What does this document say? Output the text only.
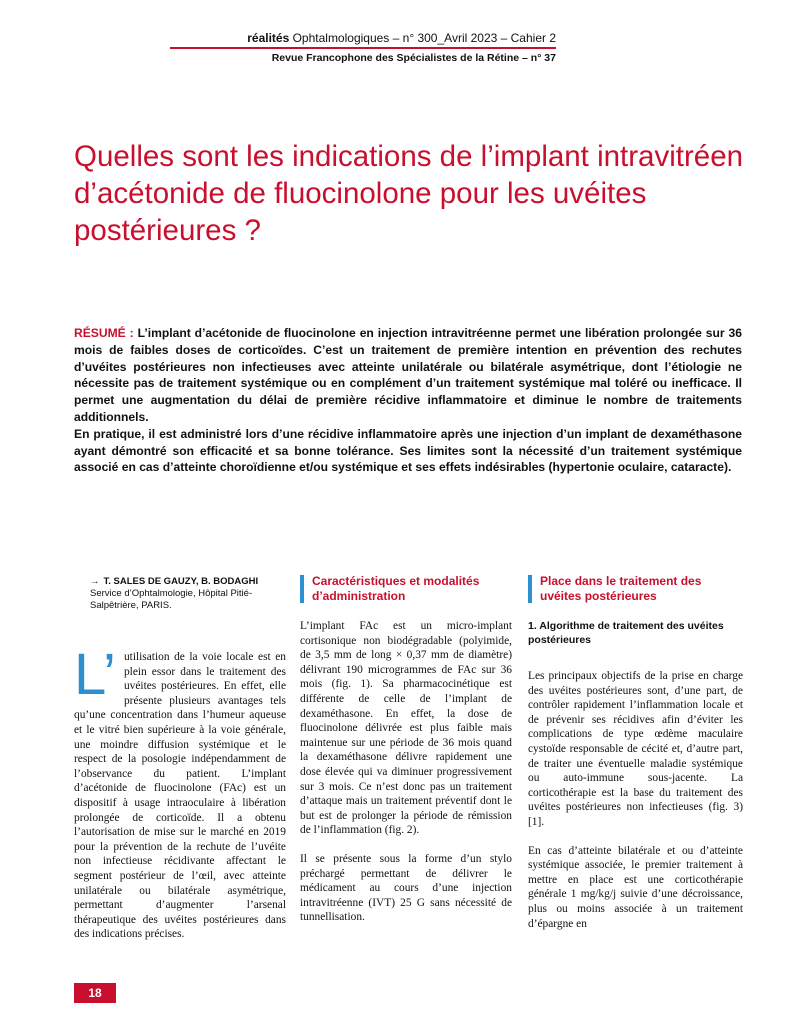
réalités Ophtalmologiques – n° 300_Avril 2023 – Cahier 2
Revue Francophone des Spécialistes de la Rétine – n° 37
Quelles sont les indications de l’implant intravitréen d’acétonide de fluocinolone pour les uvéites postérieures ?

RÉSUMÉ : L’implant d’acétonide de fluocinolone en injection intravitréenne permet une libération prolongée sur 36 mois de faibles doses de corticoïdes. C’est un traitement de première intention en prévention des rechutes d’uvéites postérieures non infectieuses avec atteinte unilatérale ou bilatérale asymétrique, dont l’étiologie ne nécessite pas de traitement systémique ou en complément d’un traitement systémique mal toléré ou inefficace. Il permet une augmentation du délai de première récidive inflammatoire et diminue le nombre de traitements additionnels.

En pratique, il est administré lors d’une récidive inflammatoire après une injection d’un implant de dexaméthasone ayant démontré son efficacité et sa bonne tolérance. Ses limites sont la nécessité d’un traitement systémique associé en cas d’atteinte choroïdienne et/ou systémique et ses effets indésirables (hypertonie oculaire, cataracte).

→ T. SALES DE GAUZY, B. BODAGHI
Service d’Ophtalmologie, Hôpital Pitié-Salpêtrière, PARIS.
L’ utilisation de la voie locale est en plein essor dans le traitement des uvéites postérieures. En effet, elle présente plusieurs avantages tels qu’une concentration dans l’humeur aqueuse et le vitré bien supérieure à la voie générale, une moindre diffusion systémique et le respect de la posologie indépendamment de l’observance du patient. L’implant d’acétonide de fluocinolone (FAc) est un dispositif à usage intraoculaire à libération prolongée de corticoïde. Il a obtenu l’autorisation de mise sur le marché en 2019 pour la prévention de la rechute de l’uvéite non infectieuse récidivante affectant le segment postérieur de l’œil, avec atteinte unilatérale ou bilatérale asymétrique, permettant d’augmenter l’arsenal thérapeutique des uvéites postérieures dans des indications précises.

Caractéristiques et modalités d’administration

L’implant FAc est un micro-implant cortisonique non biodégradable (polyimide, de 3,5 mm de long × 0,37 mm de diamètre) délivrant 190 microgrammes de FAc sur 36 mois (fig. 1). Sa pharmacocinétique est différente de celle de l’implant de dexaméthasone. En effet, la dose de fluocinolone délivrée est plus faible mais maintenue sur une période de 36 mois quand la dexaméthasone délivre rapidement une dose élevée qui va diminuer progressivement sur 3 mois. Ce n’est donc pas un traitement d’attaque mais un traitement préventif dont le but est de prolonger la période de rémission de l’inflammation (fig. 2).

Il se présente sous la forme d’un stylo préchargé permettant de délivrer le médicament au cours d’une injection intravitréenne (IVT) 25 G sans nécessité de tunnellisation.

Place dans le traitement des uvéites postérieures
1. Algorithme de traitement des uvéites postérieures

Les principaux objectifs de la prise en charge des uvéites postérieures sont, d’une part, de contrôler rapidement l’inflammation locale et de prévenir ses récidives afin d’éviter les complications de type œdème maculaire cystoïde responsable de cécité et, d’autre part, de traiter une éventuelle maladie systémique ou auto-immune sous-jacente. La corticothérapie est la base du traitement des uvéites postérieures non infectieuses (fig. 3) [1].

En cas d’atteinte bilatérale et ou d’atteinte systémique associée, le premier traitement à mettre en place est une corticothérapie générale 1 mg/kg/j suivie d’une décroissance, plus ou moins associée à un traitement d’épargne en

18
